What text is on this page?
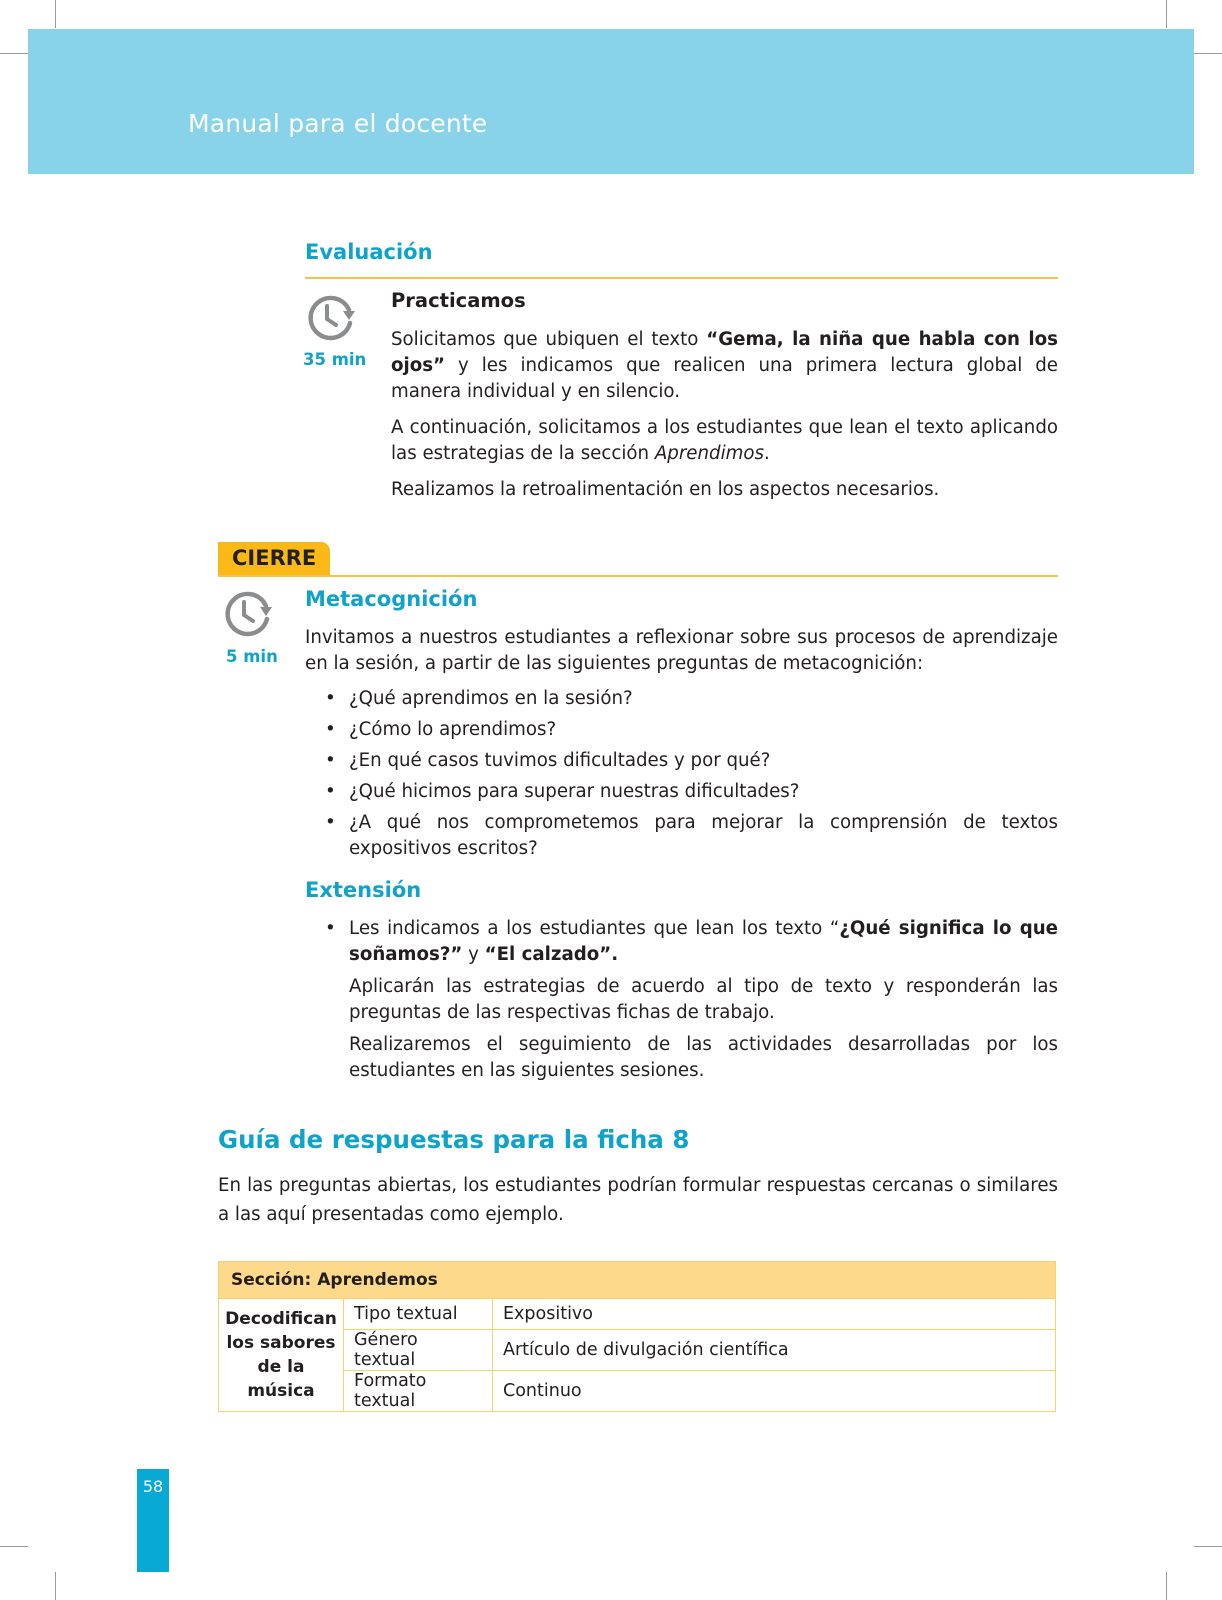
Manual para el docente
Evaluación
35 min
Practicamos

Solicitamos que ubiquen el texto “Gema, la niña que habla con los ojos” y les indicamos que realicen una primera lectura global de manera individual y en silencio.

A continuación, solicitamos a los estudiantes que lean el texto aplicando las estrategias de la sección Aprendimos.

Realizamos la retroalimentación en los aspectos necesarios.

CIERRE
5 min
Metacognición
Invitamos a nuestros estudiantes a reflexionar sobre sus procesos de aprendizaje en la sesión, a partir de las siguientes preguntas de metacognición:
• ¿Qué aprendimos en la sesión?
• ¿Cómo lo aprendimos?
• ¿En qué casos tuvimos dificultades y por qué?
• ¿Qué hicimos para superar nuestras dificultades?
• ¿A qué nos comprometemos para mejorar la comprensión de textos expositivos escritos?
Extensión
• Les indicamos a los estudiantes que lean los texto “¿Qué significa lo que soñamos?” y “El calzado”.

Aplicarán las estrategias de acuerdo al tipo de texto y responderán las preguntas de las respectivas fichas de trabajo.

Realizaremos el seguimiento de las actividades desarrolladas por los estudiantes en las siguientes sesiones.

Guía de respuestas para la ficha 8
En las preguntas abiertas, los estudiantes podrían formular respuestas cercanas o similares a las aquí presentadas como ejemplo.
Sección: Aprendemos		
Decodifican los sabores de la música	Tipo textual	Expositivo
	Género textual	Artículo de divulgación científica
	Formato textual	Continuo
58
